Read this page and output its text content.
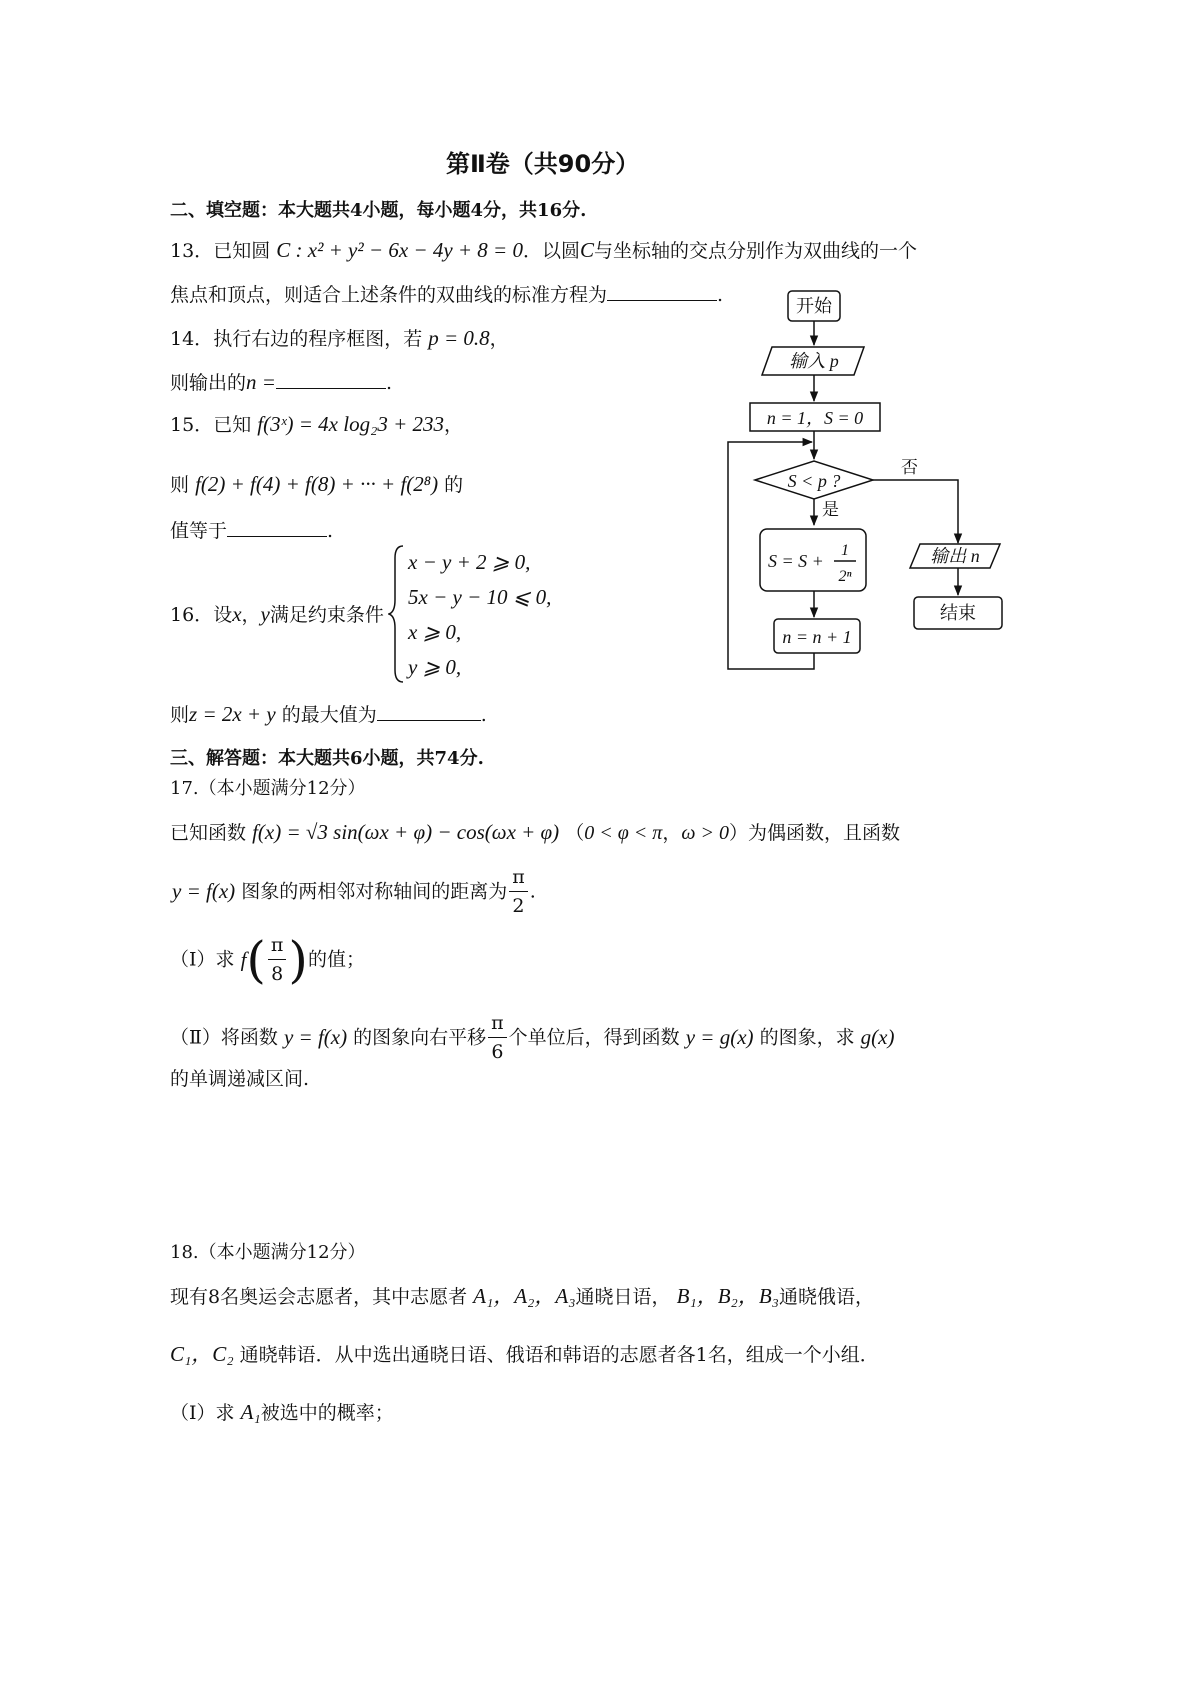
第Ⅱ卷（共90分）
二、填空题：本大题共4小题，每小题4分，共16分.
13．已知圆 C : x² + y² − 6x − 4y + 8 = 0．以圆C与坐标轴的交点分别作为双曲线的一个
焦点和顶点，则适合上述条件的双曲线的标准方程为	.
14．执行右边的程序框图，若 p = 0.8，
则输出的n =	.
15．已知 f(3ˣ) = 4x log₂3 + 233，
则 f(2) + f(4) + f(8) + ··· + f(2⁸) 的
值等于	.
16．设x，y满足约束条件
x − y + 2 ⩾ 0,
5x − y − 10 ⩽ 0,
x ⩾ 0,
y ⩾ 0,
则z = 2x + y 的最大值为	.
三、解答题：本大题共6小题，共74分.
17.（本小题满分12分）
已知函数 f(x) = √3 sin(ωx + φ) − cos(ωx + φ) （0 < φ < π，ω > 0）为偶函数，且函数
y = f(x) 图象的两相邻对称轴间的距离为 $\frac{\pi}{2}$ .
（Ⅰ）求 $f( \frac{\pi}{8}$ )的值；
（Ⅱ）将函数 y = f(x) 的图象向右平移 $\frac{\pi}{6}$ 个单位后，得到函数 y = g(x) 的图象，求 g(x)
的单调递减区间.
18.（本小题满分12分）
现有8名奥运会志愿者，其中志愿者 A₁，A₂，A₃通晓日语， B₁，B₂，B₃通晓俄语，
C₁，C₂ 通晓韩语．从中选出通晓日语、俄语和韩语的志愿者各1名，组成一个小组．
（Ⅰ）求 A₁被选中的概率；
开始
输入 p
n = 1，S = 0
S < p ?
是
否
S = S +
1
2ⁿ
n = n + 1
输出 n
结束
